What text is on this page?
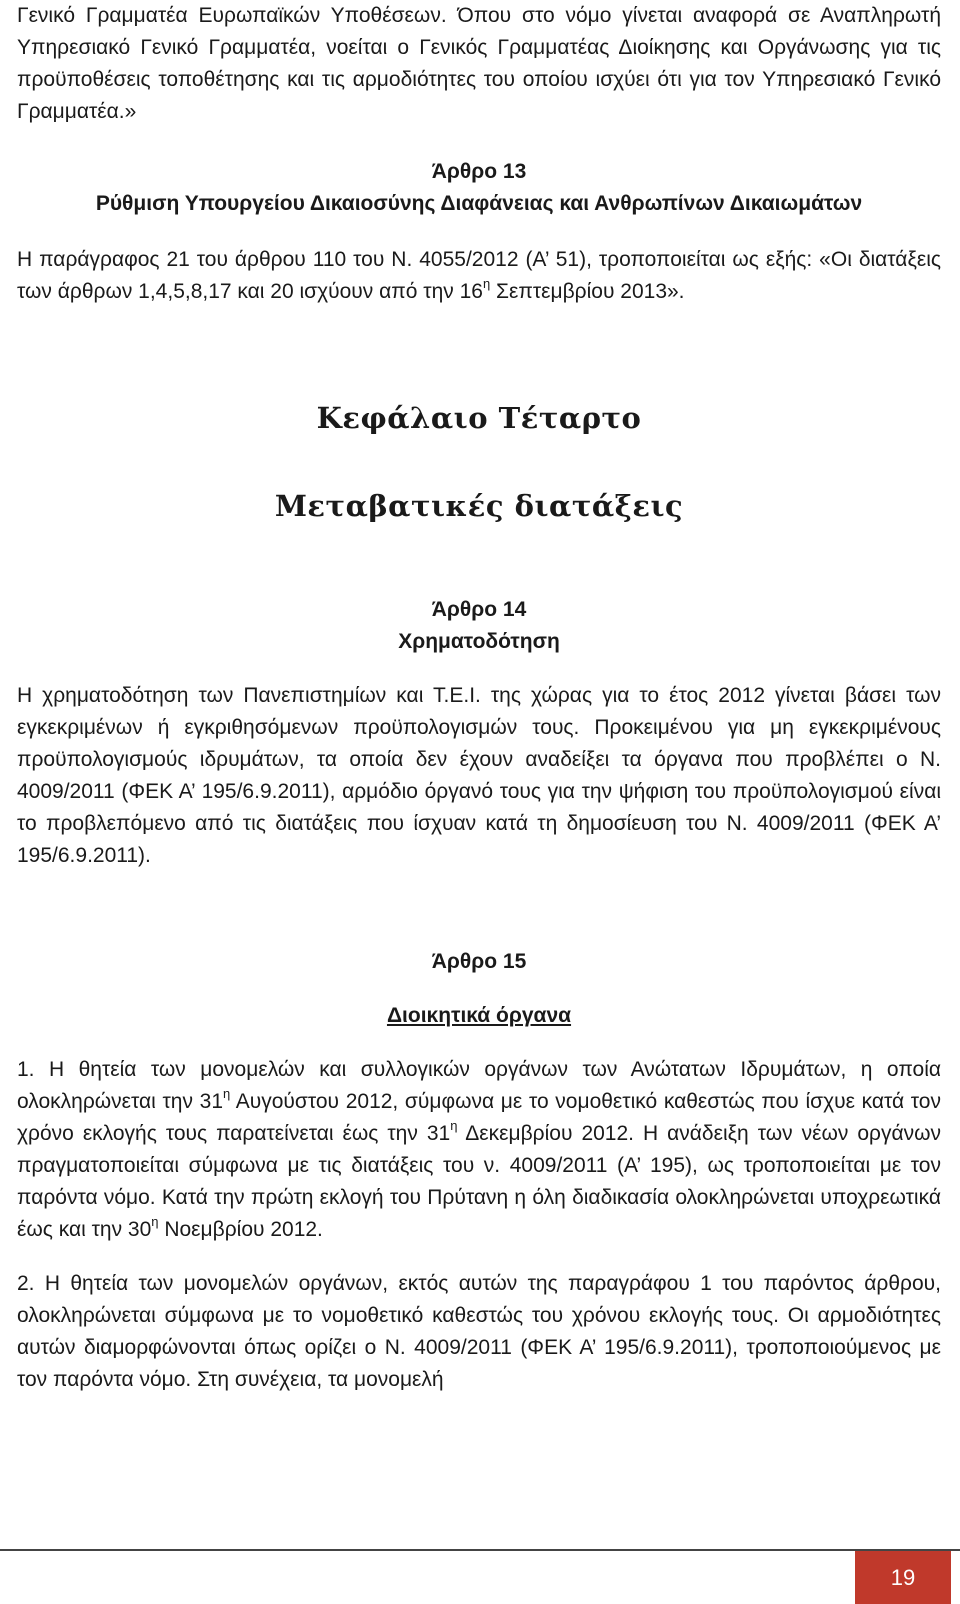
Γενικό Γραμματέα Ευρωπαϊκών Υποθέσεων. Όπου στο νόμο γίνεται αναφορά σε Αναπληρωτή Υπηρεσιακό Γενικό Γραμματέα, νοείται ο Γενικός Γραμματέας Διοίκησης και Οργάνωσης για τις προϋποθέσεις τοποθέτησης και τις αρμοδιότητες του οποίου ισχύει ότι για τον Υπηρεσιακό Γενικό Γραμματέα.»

Άρθρο 13
Ρύθμιση Υπουργείου Δικαιοσύνης Διαφάνειας και Ανθρωπίνων Δικαιωμάτων

Η παράγραφος 21 του άρθρου 110 του Ν. 4055/2012 (Α’ 51), τροποποιείται ως εξής: «Οι διατάξεις των άρθρων 1,4,5,8,17 και 20 ισχύουν από την $16^\eta$ Σεπτεμβρίου 2013».

Κεφάλαιο Τέταρτο
Μεταβατικές διατάξεις
Άρθρο 14
Χρηματοδότηση

Η χρηματοδότηση των Πανεπιστημίων και Τ.Ε.Ι. της χώρας για το έτος 2012 γίνεται βάσει των εγκεκριμένων ή εγκριθησόμενων προϋπολογισμών τους. Προκειμένου για μη εγκεκριμένους προϋπολογισμούς ιδρυμάτων, τα οποία δεν έχουν αναδείξει τα όργανα που προβλέπει ο Ν. 4009/2011 (ΦΕΚ Α’ 195/6.9.2011), αρμόδιο όργανό τους για την ψήφιση του προϋπολογισμού είναι το προβλεπόμενο από τις διατάξεις που ίσχυαν κατά τη δημοσίευση του Ν. 4009/2011 (ΦΕΚ Α’ 195/6.9.2011).

Άρθρο 15
Διοικητικά όργανα

1. Η θητεία των μονομελών και συλλογικών οργάνων των Ανώτατων Ιδρυμάτων, η οποία ολοκληρώνεται την $31^\eta$ Αυγούστου 2012, σύμφωνα με το νομοθετικό καθεστώς που ίσχυε κατά τον χρόνο εκλογής τους παρατείνεται έως την $31^\eta$ Δεκεμβρίου 2012. Η ανάδειξη των νέων οργάνων πραγματοποιείται σύμφωνα με τις διατάξεις του ν. 4009/2011 (Α’ 195), ως τροποποιείται με τον παρόντα νόμο. Κατά την πρώτη εκλογή του Πρύτανη η όλη διαδικασία ολοκληρώνεται υποχρεωτικά έως και την $30^\eta$ Νοεμβρίου 2012.

2. Η θητεία των μονομελών οργάνων, εκτός αυτών της παραγράφου 1 του παρόντος άρθρου, ολοκληρώνεται σύμφωνα με το νομοθετικό καθεστώς του χρόνου εκλογής τους. Οι αρμοδιότητες αυτών διαμορφώνονται όπως ορίζει ο Ν. 4009/2011 (ΦΕΚ Α’ 195/6.9.2011), τροποποιούμενος με τον παρόντα νόμο. Στη συνέχεια, τα μονομελή

19
